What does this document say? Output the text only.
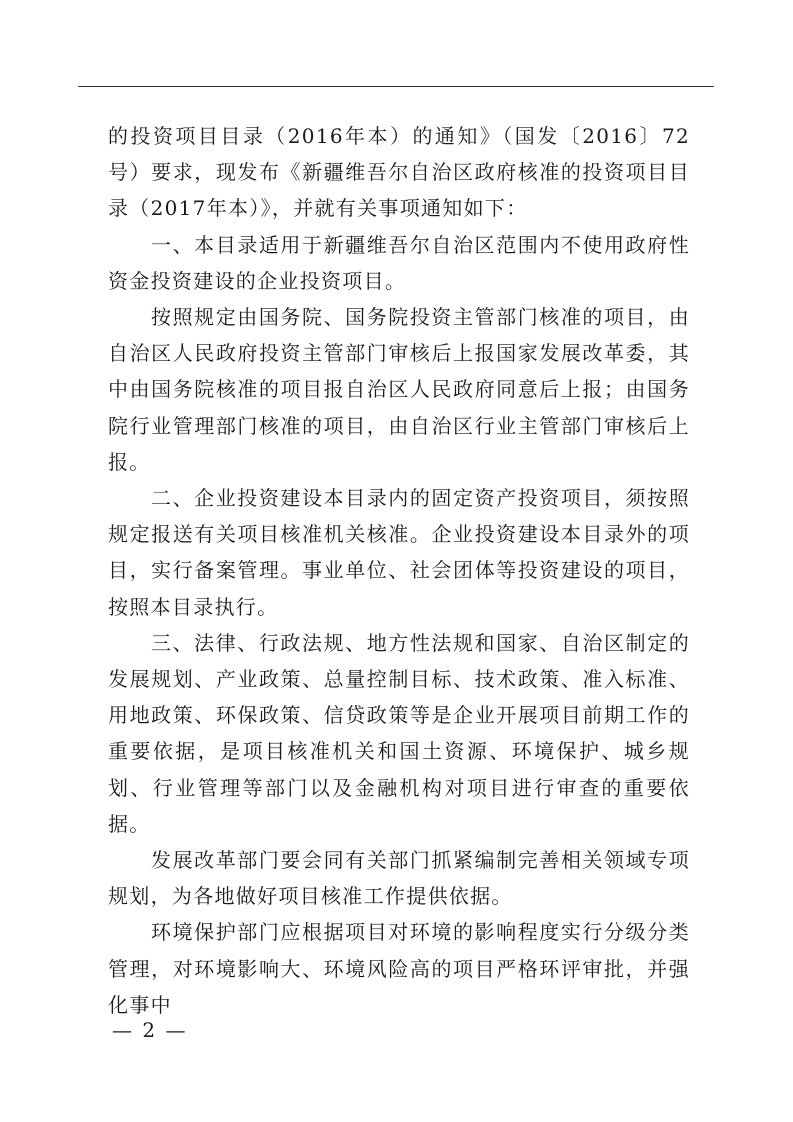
的投资项目目录（2016年本）的通知》（国发〔2016〕72号）要求，现发布《新疆维吾尔自治区政府核准的投资项目目录（2017年本）》，并就有关事项通知如下：

一、本目录适用于新疆维吾尔自治区范围内不使用政府性资金投资建设的企业投资项目。

按照规定由国务院、国务院投资主管部门核准的项目，由自治区人民政府投资主管部门审核后上报国家发展改革委，其中由国务院核准的项目报自治区人民政府同意后上报；由国务院行业管理部门核准的项目，由自治区行业主管部门审核后上报。

二、企业投资建设本目录内的固定资产投资项目，须按照规定报送有关项目核准机关核准。企业投资建设本目录外的项目，实行备案管理。事业单位、社会团体等投资建设的项目，按照本目录执行。

三、法律、行政法规、地方性法规和国家、自治区制定的发展规划、产业政策、总量控制目标、技术政策、准入标准、用地政策、环保政策、信贷政策等是企业开展项目前期工作的重要依据，是项目核准机关和国土资源、环境保护、城乡规划、行业管理等部门以及金融机构对项目进行审查的重要依据。

发展改革部门要会同有关部门抓紧编制完善相关领域专项规划，为各地做好项目核准工作提供依据。

环境保护部门应根据项目对环境的影响程度实行分级分类管理，对环境影响大、环境风险高的项目严格环评审批，并强化事中

— 2 —
